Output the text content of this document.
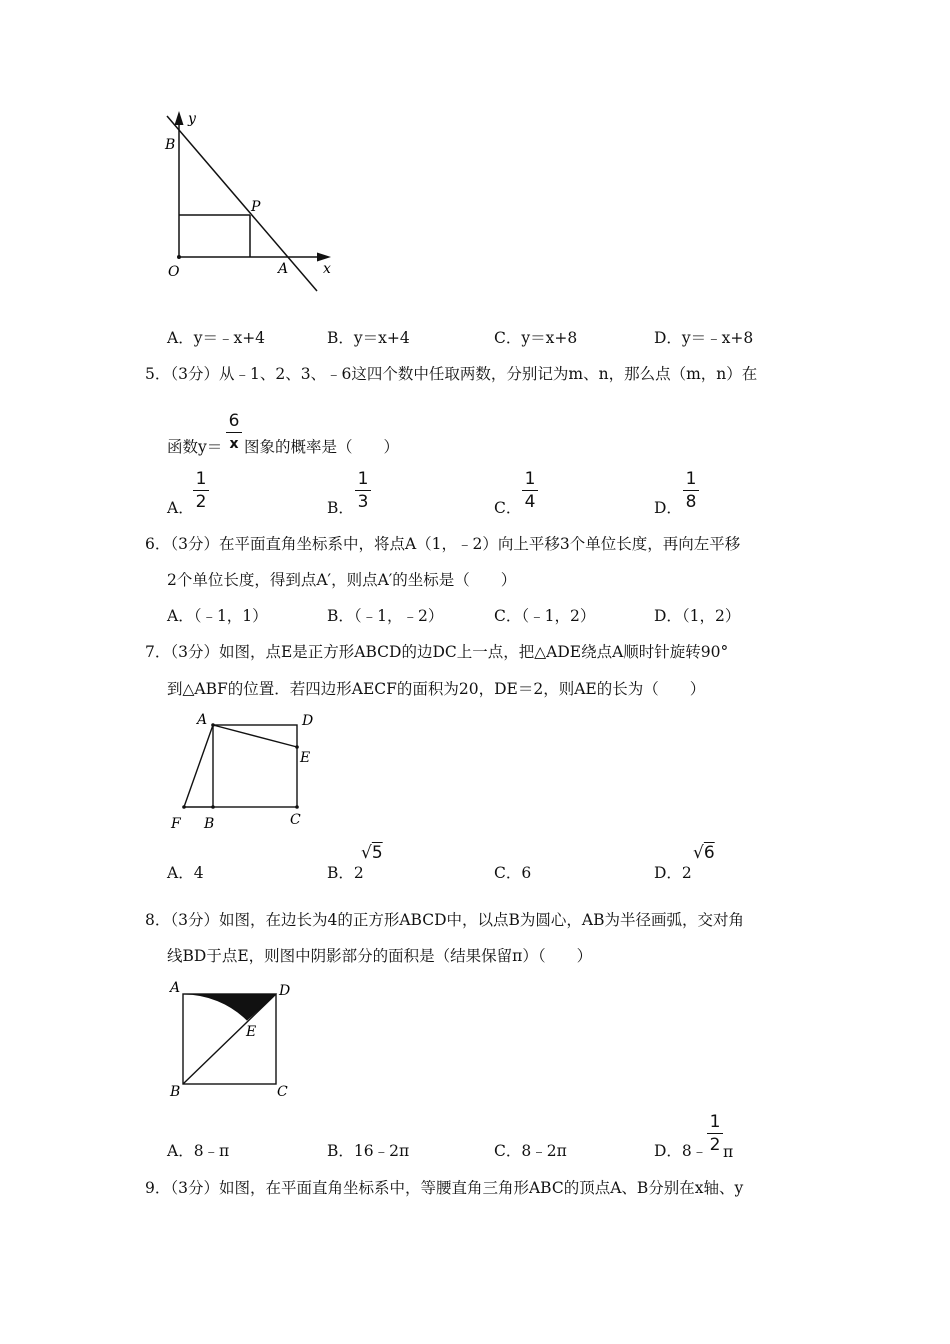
y
B
P
O	A x
A．y＝﹣x+4	B．y＝x+4	C．y＝x+8	D．y＝﹣x+8
5．（3分）从﹣1、2、3、﹣6这四个数中任取两数，分别记为m、n，那么点（m，n）在
函数y＝
6
x 图象的概率是（　　）
A．
1
2	B．
1
3	C．
1
4	D．
1
8
6．（3分）在平面直角坐标系中，将点A（1，﹣2）向上平移3个单位长度，再向左平移
2个单位长度，得到点A′，则点A′的坐标是（　　）
A．（﹣1，1）	B．（﹣1，﹣2）	C．（﹣1，2）	D．（1，2）
7．（3分）如图，点E是正方形ABCD的边DC上一点，把△ADE绕点A顺时针旋转90°
到△ABF的位置．若四边形AECF的面积为20，DE＝2，则AE的长为（　　）
A	D
E
F B	C
A．4	B．2
√5
C．6	D．2
√6
8．（3分）如图，在边长为4的正方形ABCD中，以点B为圆心，AB为半径画弧，交对角
线BD于点E，则图中阴影部分的面积是（结果保留π）（　　）
A	D
E
B	C
A．8﹣π	B．16﹣2π	C．8﹣2π	D．8﹣
1
2 π
9．（3分）如图，在平面直角坐标系中，等腰直角三角形ABC的顶点A、B分别在x轴、y
